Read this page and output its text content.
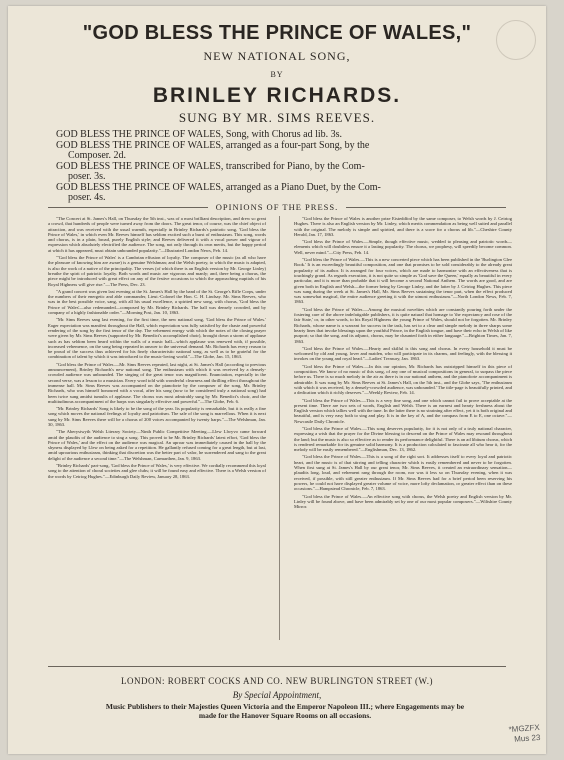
"GOD BLESS THE PRINCE OF WALES,"
NEW NATIONAL SONG,
BY
BRINLEY RICHARDS.
SUNG BY MR. SIMS REEVES.
GOD BLESS THE PRINCE OF WALES, Song, with Chorus ad lib. 3s.
GOD BLESS THE PRINCE OF WALES, arranged as a four-part Song, by the
Composer. 2d.
GOD BLESS THE PRINCE OF WALES, transcribed for Piano, by the Com-
poser. 3s.
GOD BLESS THE PRINCE OF WALES, arranged as a Piano Duet, by the Com-
poser. 4s.
OPINIONS OF THE PRESS.

"The Concert at St. James's Hall, on Thursday the 5th inst., was of a most brilliant description, and drew so great a crowd, that hundreds of people were turned away from the doors. The great tenor, of course, was the chief object of attraction, and was received with the usual warmth, especially in Brinley Richards's patriotic song, 'God bless the Prince of Wales,' in which even Mr. Reeves himself has seldom excited such a burst of enthusiasm. This song, words and chorus, is in a plain, broad, purely English style; and Reeves delivered it with a vocal power and vigour of expression which absolutely electrified the audience. The song, not only through its own merits, but the happy period at which it has appeared, must obtain unbounded popularity."—Illustrated London News, Feb. 14.

"'God bless the Prince of Wales' is a Cambrian effusion of loyalty. The composer of the music (as all who have the pleasure of knowing him are aware) is a genuine Welshman; and the Welsh poetry, to which the music is adapted, is also the work of a native of the principality. The verses (of which there is an English version by Mr. George Linley) breathe the spirit of patriotic loyalty. Both words and music are vigorous and manly; and, there being a chorus, the piece might be introduced with great effect on any of the festive occasions to which the approaching nuptials of his Royal Highness will give rise."—The Press, Dec. 23.

"A grand concert was given last evening at the St. James's Hall by the band of the St. George's Rifle Corps, under the numbers of their energetic and able commander, Lieut.-Colonel the Hon. C. H. Lindsay. Mr. Sims Reeves, who was in the best possible voice, sang, with all his usual excellence, a spirited new song, with chorus, 'God bless the Prince of Wales'—also redemanded—composed by Mr. Brinley Richards. The hall was densely crowded, and by company of a highly fashionable order."—Morning Post, Jan. 10, 1863.

"Mr. Sims Reeves sang last evening, for the first time, the new national song, 'God bless the Prince of Wales.' Eager expectation was manifest throughout the Hall, which expectation was fully satisfied by the chaste and powerful rendering of the song by the first tenor of the day. The vehement energy with which the notes of the closing prayer were given by Mr. Sims Reeves (supported by Mr. Benedict's accomplished choir), brought down a storm of applause such as has seldom been heard within the walls of a music hall—which applause was renewed with, if possible, increased vehemence, on the song being repeated in answer to the universal demand. Mr. Richards has every reason to be proud of the success thus achieved for his finely characteristic national song, as well as to be grateful for the combination of talent by which it was introduced to the music-loving world."—The Globe, Jan. 15, 1863.

"God bless the Prince of Wales.—Mr. Sims Reeves repeated, last night, at St. James's Hall (according to previous announcement), Brinley Richards's new national song. The enthusiasm with which it was received by a densely-crowded audience was unbounded. The singing of the great tenor was magnificent. Enunciation, especially in the second verse, was a lesson to a musician. Every word told with wonderful clearness and thrilling effect throughout the immense hall. Mr. Sims Reeves was accompanied on the pianoforte by the composer of the song, Mr. Brinley Richards, who was himself honoured with a vocal, after his song (now to be considered truly a national song) had been twice sung amidst tumults of applause. The chorus was most admirably sung by Mr. Benedict's choir, and the multitudinous accompaniment of the harps was singularly effective and powerful."—The Globe, Feb. 6.

"Mr. Brinley Richards' Song is likely to be the song of the year. Its popularity is remarkable, but it is really a fine song which moves the national feelings of loyalty and patriotism. The sale of the song is marvellous. When it is next sung by Mr. Sims Reeves there will be a chorus of 200 voices accompanied by twenty harps."—The Welshman, Jan. 30, 1863.

"The Aberystwyth Welsh Literary Society—Ninth Public Competitive Meeting.—Llew Llwyvo came forward amid the plaudits of the audience to sing a song. This proved to be Mr. Brinley Richards' latest effort, 'God bless the Prince of Wales,' and the effect on the audience was magical. An uproar was immediately caused in the hall by the shyness displayed by Llew on being asked for a repetition. He gallantly refused coming for a great length, but at last, amid uproarious enthusiasm, thinking that discretion was the better part of valor, he surrendered and sang to the great delight of the audience a second time."—The Welshman, Carmarthen, Jan. 9, 1863.

"Brinley Richards' part-song, 'God bless the Prince of Wales,' is very effective. We cordially recommend this loyal song to the attention of choral societies and glee clubs; it will be found easy and effective. There is a Welsh version of the words by Ceiriog Hughes."—Edinburgh Daily Review, January 28, 1863.

"God bless the Prince of Wales is another prize Eisteddfod by the same composer, to Welsh words by J. Ceiriog Hughes. There is also an English version by Mr. Linley, which merits commendation as being well suited and parallel with the original. The melody is simple and spirited, and there is a score for a chorus ad lib."—Cheshire County Herald, Jan. 17, 1863.

"God bless the Prince of Wales.—Simple, though effective music, wedded to pleasing and patriotic words—elements which will doubtless ensure it a lasting popularity. The chorus, we prophesy, will speedily become common. Well, never mind."—City Press, Feb. 14.

"God bless the Prince of Wales.—This is a new concerted piece which has been published in the 'Burlington Glee Book.' It is an exceedingly beautiful composition, and one that promises to be sold considerably to the already great popularity of its author. It is arranged for four voices, which are made to harmonize with an effectiveness that is touchingly grand. As regards execution, it is not quite so simple as 'God save the Queen,' equally as beautiful in every particular, and it is more than probable that it will become a second National Anthem. The words are good, and are given both in English and Welsh—the former being by George Linley, and the latter by J. Ceiriog Hughes. This piece was sung during the week at St. James's Hall, Mr. Sims Reeves sustaining the tenor part, when the effect produced was somewhat magical, the entire audience greeting it with the utmost enthusiasm."—North London News, Feb. 7, 1863.

"God bless the Prince of Wales.—Among the musical novelties which are constantly pouring forth under the fostering care of the above indefatigable publishers, it is quite natural that homage to 'the expectancy and rose of the fair State,' or, in other words, to his Royal Highness the young Prince of Wales, should not be forgotten. Mr. Brinley Richards, whose name is a warrant for success in the task, has set to a clear and simple melody in three sharps some hearty lines that invoke blessings upon the youthful Prince, in the English tongue, and have their echo in Welsh of like purport; so that the song, and its adjunct, chorus, may be chaunted forth in either language."—Brighton Times, Jan. 7, 1863.

"God bless the Prince of Wales.—Hearty and skilful is this song and chorus. In every household it must be welcomed by old and young, lover and maiden, who will participate in its charms, and feelingly, with the blessing it invokes on the young and royal head."—Ladies' Treasury, Jan. 1863.

"God bless the Prince of Wales.—In this our opinion, Mr. Richards has outstripped himself in this piece of composition. We know of no music of this song, of any one of musical compositions in general, to surpass the piece before us. There is so much melody in the air as there is in our national anthem, and the pianoforte accompaniment is admirable. It was sung by Mr. Sims Reeves at St. James's Hall, on the 5th inst., and the Globe says, 'The enthusiasm with which it was received, by a densely-crowded audience, was unbounded.' The title-page is beautifully printed, and a dedication which it richly deserves."—Weekly Review, Feb. 14.

"God bless the Prince of Wales.—This is a very fine song, and one which cannot fail to prove acceptable at the present time. There are two sets of words, English and Welsh. There is an earnest and hearty freshness about the English version which tallies well with the tune. In the latter there is no straining after effect, yet it is both original and beautiful, and is very easy both to sing and play. It is in the key of A, and the compass from E to E, one octave."—Newcastle Daily Chronicle.

"God bless the Prince of Wales.—This song deserves popularity, for it is not only of a truly national character, expressing a wish that the prayer for the Divine blessing to descend on the Prince of Wales may resound throughout the land; but the music is also so effective as to render its performance delightful. There is an ad libitum chorus, which is rendered remarkable for its genuine solid harmony. It is a production calculated to fascinate all who hear it, for the melody will be easily remembered."—Englishman, Dec. 13, 1862.

"God bless the Prince of Wales.—This is a song of the right sort. It addresses itself to every loyal and patriotic heart, and the music is of that stirring and telling character which is easily remembered and never to be forgotten. When first sung at St. James's Hall by our great tenor, Mr. Sims Reeves, it created an extraordinary sensation—plaudits long, loud, and vehement rang through the room, nor was it less so on Thursday evening, when it was received, if possible, with still greater enthusiasm. If Mr. Sims Reeves had for a brief period been reserving his powers, he could not have displayed greater volume of voice, more lofty declamation, or greater effect than on these occasions."—Hampstead Chronicle, Feb. 7, 1863.

"God bless the Prince of Wales.—An effective song with chorus, the Welsh poetry and English version by Mr. Linley will be found above, and have been admirably set by one of our most popular composers."—Wiltshire County Mirror.

LONDON: ROBERT COCKS AND CO. NEW BURLINGTON STREET (W.)
By Special Appointment,
Music Publishers to their Majesties Queen Victoria and the Emperor Napoleon III.; where Engagements may be made for the Hanover Square Rooms on all occasions.
*MGZFX
Mus 23
